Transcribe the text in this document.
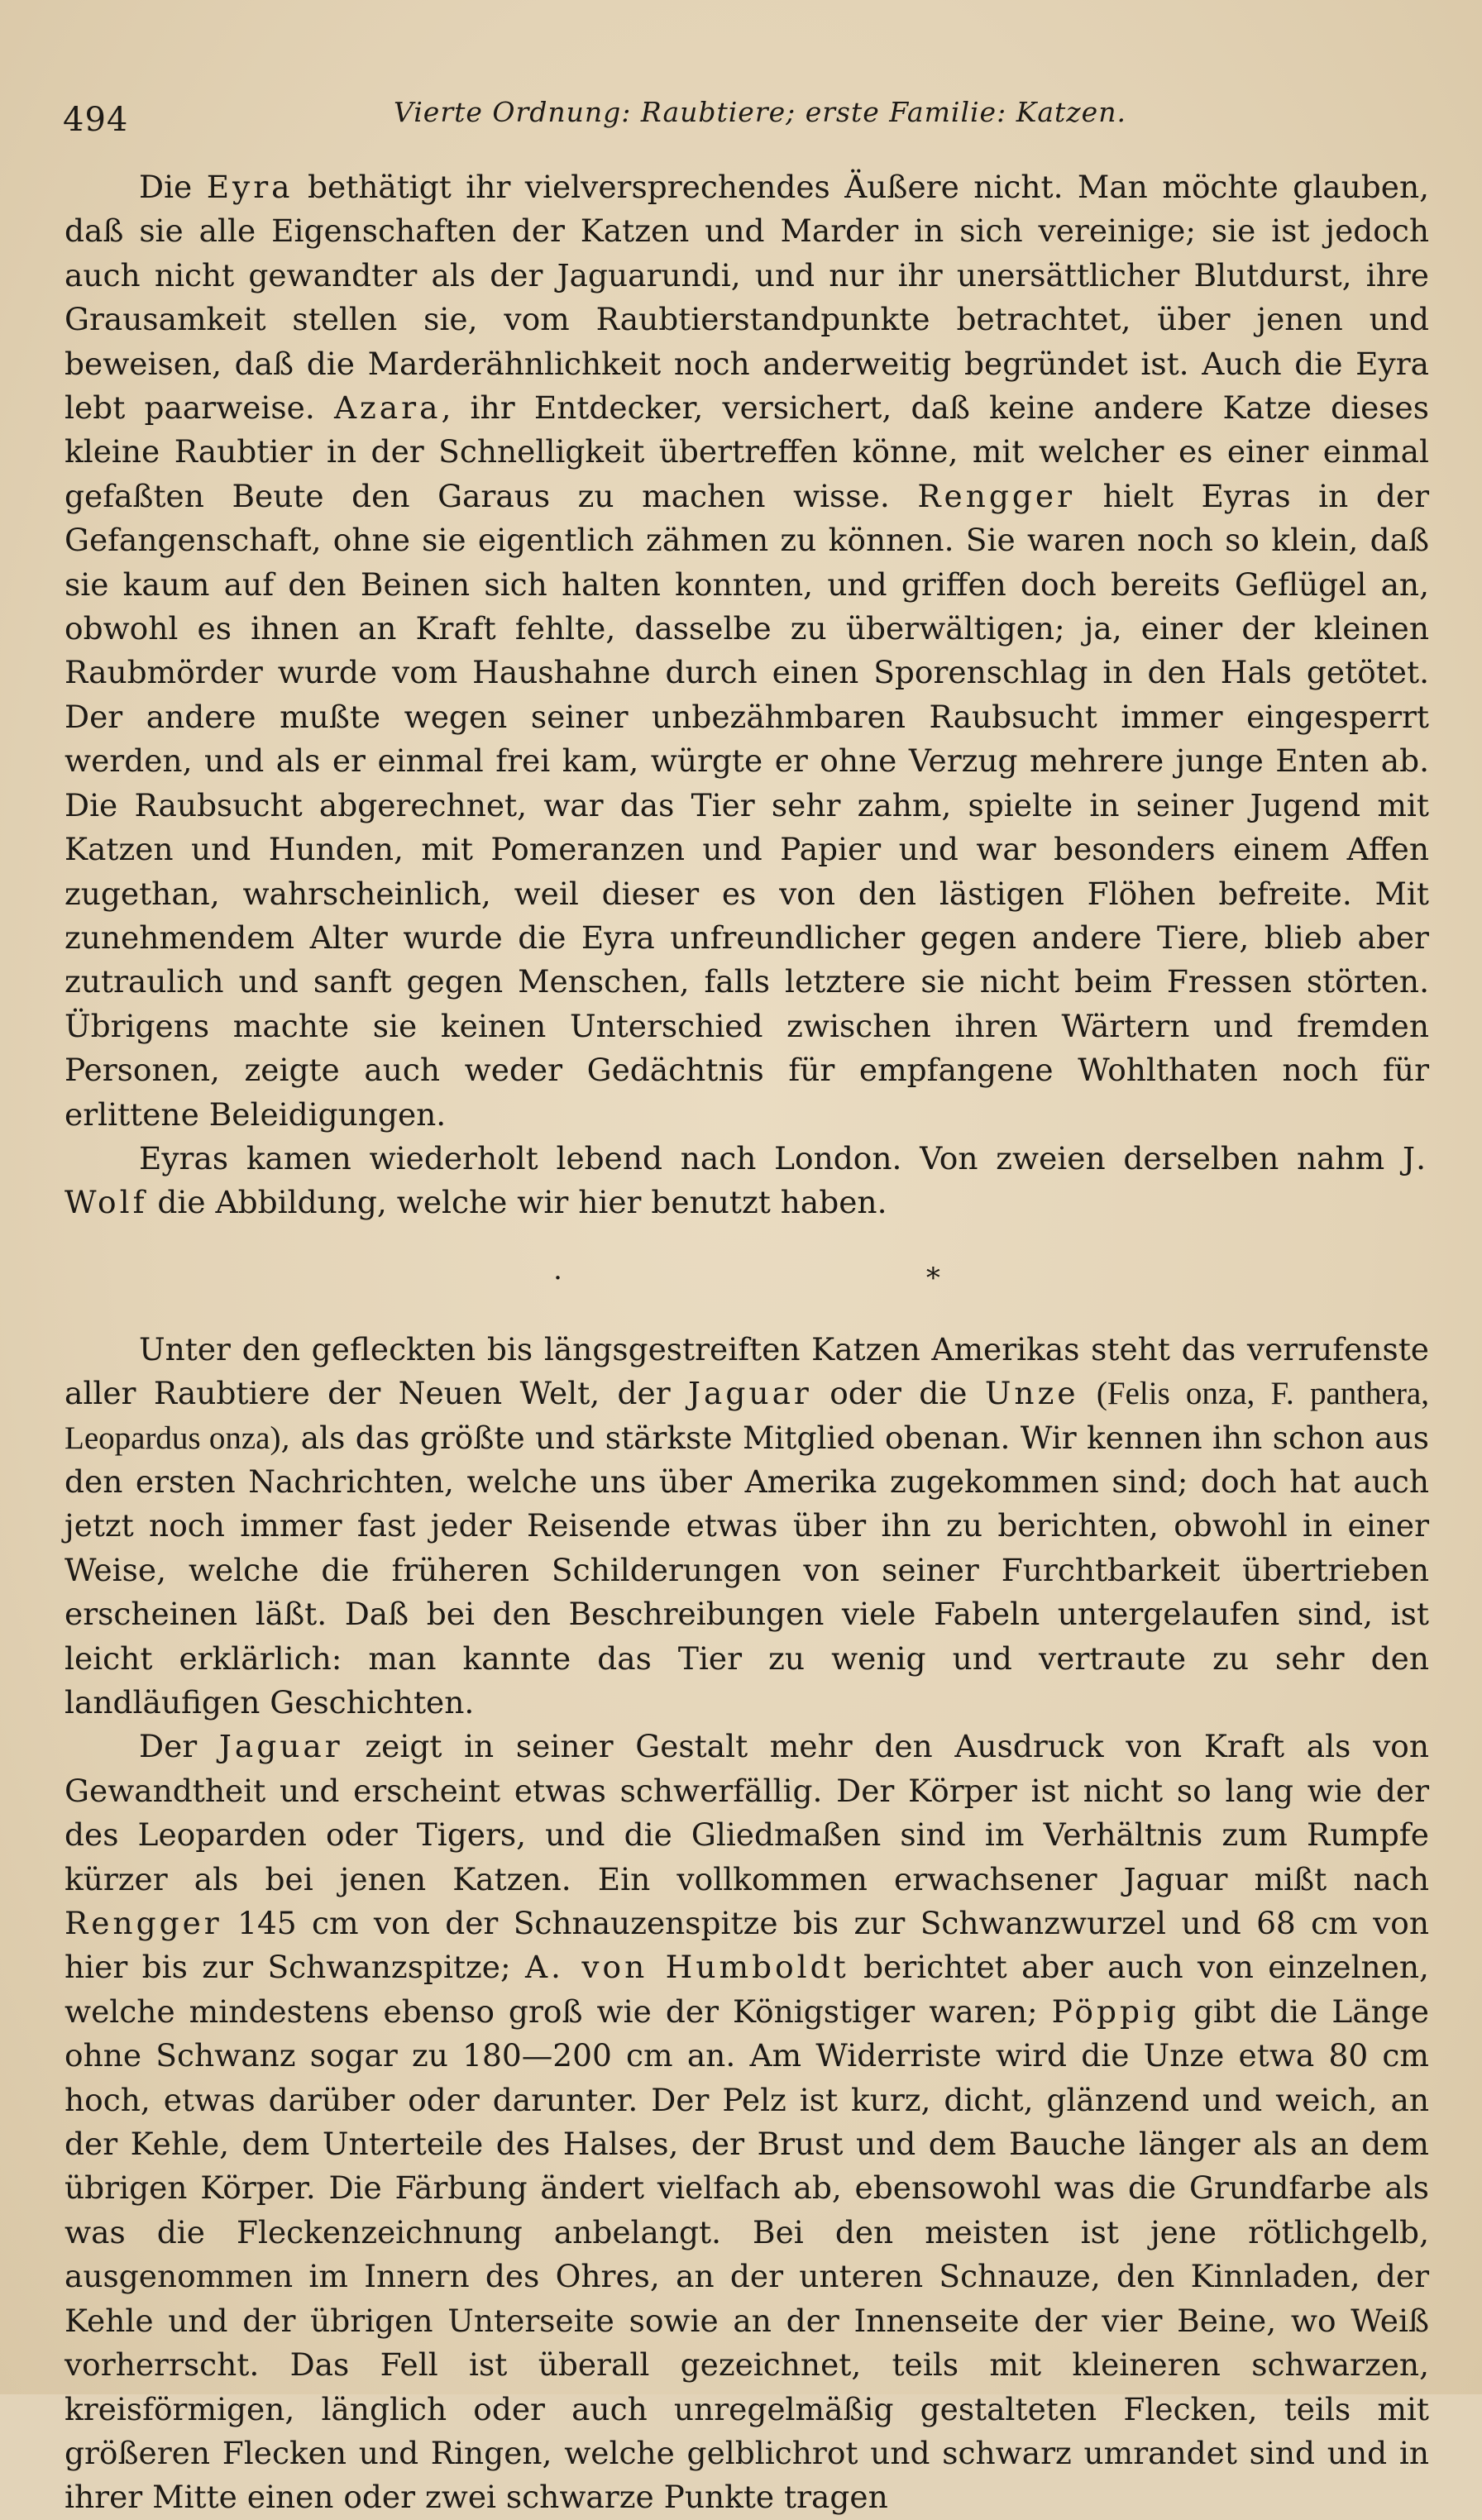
494	Vierte Ordnung: Raubtiere; erste Familie: Katzen.

Die Eyra bethätigt ihr vielversprechendes Äußere nicht. Man möchte glauben, daß sie alle Eigenschaften der Katzen und Marder in sich vereinige; sie ist jedoch auch nicht gewandter als der Jaguarundi, und nur ihr unersättlicher Blutdurst, ihre Grausamkeit stellen sie, vom Raubtierstandpunkte betrachtet, über jenen und beweisen, daß die Marderähnlichkeit noch anderweitig begründet ist. Auch die Eyra lebt paarweise. Azara, ihr Entdecker, versichert, daß keine andere Katze dieses kleine Raubtier in der Schnelligkeit übertreffen könne, mit welcher es einer einmal gefaßten Beute den Garaus zu machen wisse. Rengger hielt Eyras in der Gefangenschaft, ohne sie eigentlich zähmen zu können. Sie waren noch so klein, daß sie kaum auf den Beinen sich halten konnten, und griffen doch bereits Geflügel an, obwohl es ihnen an Kraft fehlte, dasselbe zu überwältigen; ja, einer der kleinen Raubmörder wurde vom Haushahne durch einen Sporenschlag in den Hals getötet. Der andere mußte wegen seiner unbezähmbaren Raubsucht immer eingesperrt werden, und als er einmal frei kam, würgte er ohne Verzug mehrere junge Enten ab. Die Raubsucht abgerechnet, war das Tier sehr zahm, spielte in seiner Jugend mit Katzen und Hunden, mit Pomeranzen und Papier und war besonders einem Affen zugethan, wahrscheinlich, weil dieser es von den lästigen Flöhen befreite. Mit zunehmendem Alter wurde die Eyra unfreundlicher gegen andere Tiere, blieb aber zutraulich und sanft gegen Menschen, falls letztere sie nicht beim Fressen störten. Übrigens machte sie keinen Unterschied zwischen ihren Wärtern und fremden Personen, zeigte auch weder Gedächtnis für empfangene Wohlthaten noch für erlittene Beleidigungen.

Eyras kamen wiederholt lebend nach London. Von zweien derselben nahm J. Wolf die Abbildung, welche wir hier benutzt haben.

·	*

Unter den gefleckten bis längsgestreiften Katzen Amerikas steht das verrufenste aller Raubtiere der Neuen Welt, der Jaguar oder die Unze (Felis onza, F. panthera, Leopardus onza), als das größte und stärkste Mitglied obenan. Wir kennen ihn schon aus den ersten Nachrichten, welche uns über Amerika zugekommen sind; doch hat auch jetzt noch immer fast jeder Reisende etwas über ihn zu berichten, obwohl in einer Weise, welche die früheren Schilderungen von seiner Furchtbarkeit übertrieben erscheinen läßt. Daß bei den Beschreibungen viele Fabeln untergelaufen sind, ist leicht erklärlich: man kannte das Tier zu wenig und vertraute zu sehr den landläufigen Geschichten.

Der Jaguar zeigt in seiner Gestalt mehr den Ausdruck von Kraft als von Gewandtheit und erscheint etwas schwerfällig. Der Körper ist nicht so lang wie der des Leoparden oder Tigers, und die Gliedmaßen sind im Verhältnis zum Rumpfe kürzer als bei jenen Katzen. Ein vollkommen erwachsener Jaguar mißt nach Rengger 145 cm von der Schnauzenspitze bis zur Schwanzwurzel und 68 cm von hier bis zur Schwanzspitze; A. von Humboldt berichtet aber auch von einzelnen, welche mindestens ebenso groß wie der Königstiger waren; Pöppig gibt die Länge ohne Schwanz sogar zu 180—200 cm an. Am Widerriste wird die Unze etwa 80 cm hoch, etwas darüber oder darunter. Der Pelz ist kurz, dicht, glänzend und weich, an der Kehle, dem Unterteile des Halses, der Brust und dem Bauche länger als an dem übrigen Körper. Die Färbung ändert vielfach ab, ebensowohl was die Grundfarbe als was die Fleckenzeichnung anbelangt. Bei den meisten ist jene rötlichgelb, ausgenommen im Innern des Ohres, an der unteren Schnauze, den Kinnladen, der Kehle und der übrigen Unterseite sowie an der Innenseite der vier Beine, wo Weiß vorherrscht. Das Fell ist überall gezeichnet, teils mit kleineren schwarzen, kreisförmigen, länglich oder auch unregelmäßig gestalteten Flecken, teils mit größeren Flecken und Ringen, welche gelblichrot und schwarz umrandet sind und in ihrer Mitte einen oder zwei schwarze Punkte tragen
